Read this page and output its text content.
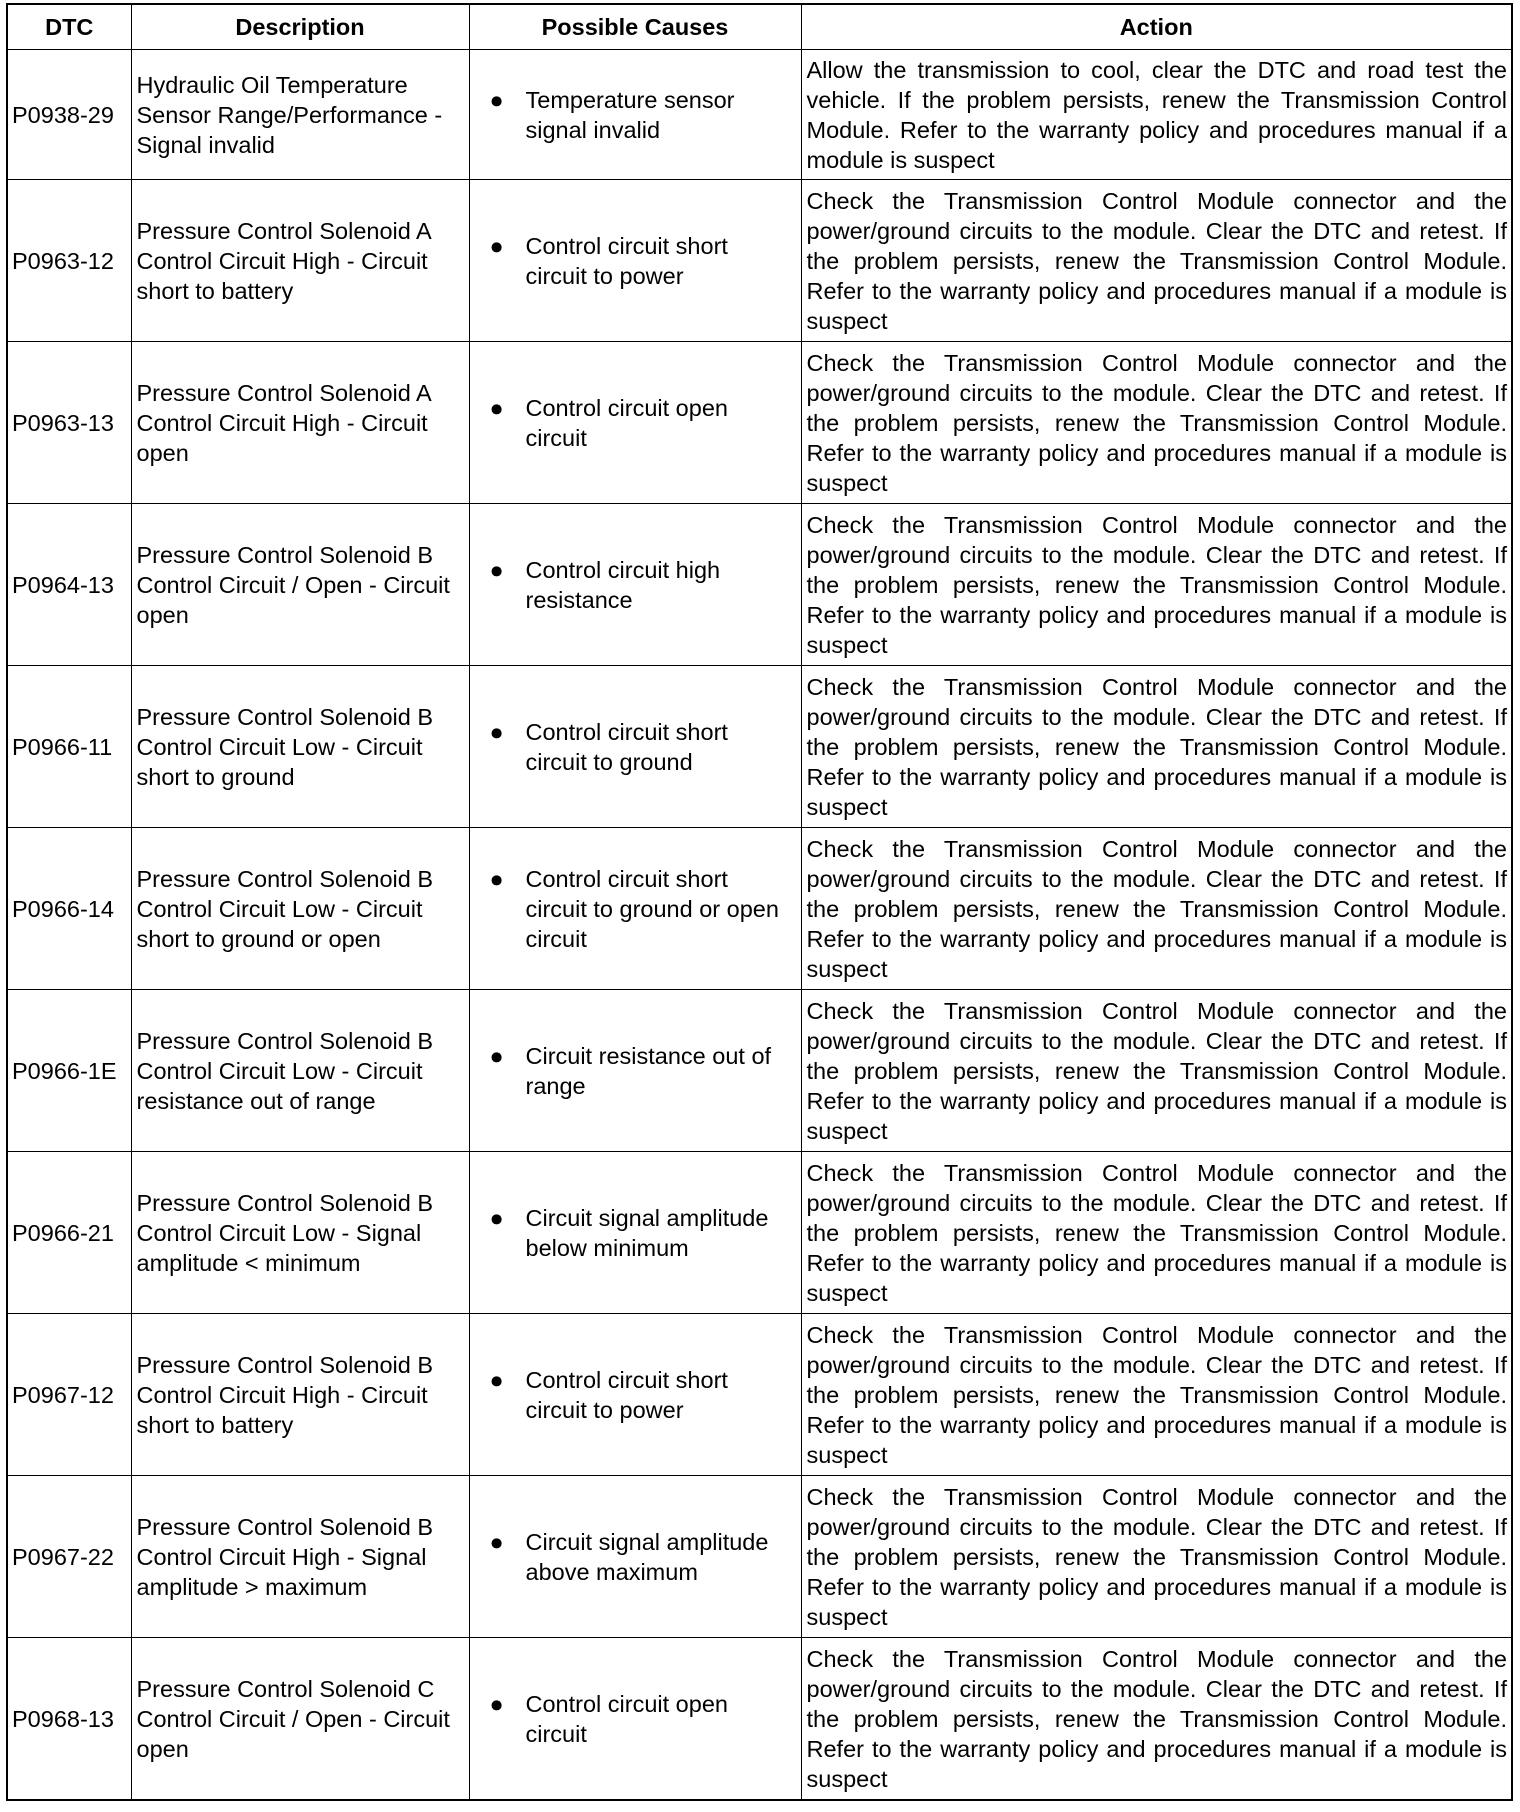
DTC	Description	Possible Causes	Action
P0938-29	Hydraulic Oil Temperature Sensor Range/Performance - Signal invalid	● Temperature sensor signal invalid	Allow the transmission to cool, clear the DTC and road test the vehicle. If the problem persists, renew the Transmission Control Module. Refer to the warranty policy and procedures manual if a module is suspect
P0963-12	Pressure Control Solenoid A Control Circuit High - Circuit short to battery	● Control circuit short circuit to power	Check the Transmission Control Module connector and the power/ground circuits to the module. Clear the DTC and retest. If the problem persists, renew the Transmission Control Module. Refer to the warranty policy and procedures manual if a module is suspect
P0963-13	Pressure Control Solenoid A Control Circuit High - Circuit open	● Control circuit open circuit	Check the Transmission Control Module connector and the power/ground circuits to the module. Clear the DTC and retest. If the problem persists, renew the Transmission Control Module. Refer to the warranty policy and procedures manual if a module is suspect
P0964-13	Pressure Control Solenoid B Control Circuit / Open - Circuit open	● Control circuit high resistance	Check the Transmission Control Module connector and the power/ground circuits to the module. Clear the DTC and retest. If the problem persists, renew the Transmission Control Module. Refer to the warranty policy and procedures manual if a module is suspect
P0966-11	Pressure Control Solenoid B Control Circuit Low - Circuit short to ground	● Control circuit short circuit to ground	Check the Transmission Control Module connector and the power/ground circuits to the module. Clear the DTC and retest. If the problem persists, renew the Transmission Control Module. Refer to the warranty policy and procedures manual if a module is suspect
P0966-14	Pressure Control Solenoid B Control Circuit Low - Circuit short to ground or open	● Control circuit short circuit to ground or open circuit	Check the Transmission Control Module connector and the power/ground circuits to the module. Clear the DTC and retest. If the problem persists, renew the Transmission Control Module. Refer to the warranty policy and procedures manual if a module is suspect
P0966-1E	Pressure Control Solenoid B Control Circuit Low - Circuit resistance out of range	● Circuit resistance out of range	Check the Transmission Control Module connector and the power/ground circuits to the module. Clear the DTC and retest. If the problem persists, renew the Transmission Control Module. Refer to the warranty policy and procedures manual if a module is suspect
P0966-21	Pressure Control Solenoid B Control Circuit Low - Signal amplitude < minimum	● Circuit signal amplitude below minimum	Check the Transmission Control Module connector and the power/ground circuits to the module. Clear the DTC and retest. If the problem persists, renew the Transmission Control Module. Refer to the warranty policy and procedures manual if a module is suspect
P0967-12	Pressure Control Solenoid B Control Circuit High - Circuit short to battery	● Control circuit short circuit to power	Check the Transmission Control Module connector and the power/ground circuits to the module. Clear the DTC and retest. If the problem persists, renew the Transmission Control Module. Refer to the warranty policy and procedures manual if a module is suspect
P0967-22	Pressure Control Solenoid B Control Circuit High - Signal amplitude > maximum	● Circuit signal amplitude above maximum	Check the Transmission Control Module connector and the power/ground circuits to the module. Clear the DTC and retest. If the problem persists, renew the Transmission Control Module. Refer to the warranty policy and procedures manual if a module is suspect
P0968-13	Pressure Control Solenoid C Control Circuit / Open - Circuit open	● Control circuit open circuit	Check the Transmission Control Module connector and the power/ground circuits to the module. Clear the DTC and retest. If the problem persists, renew the Transmission Control Module. Refer to the warranty policy and procedures manual if a module is suspect
